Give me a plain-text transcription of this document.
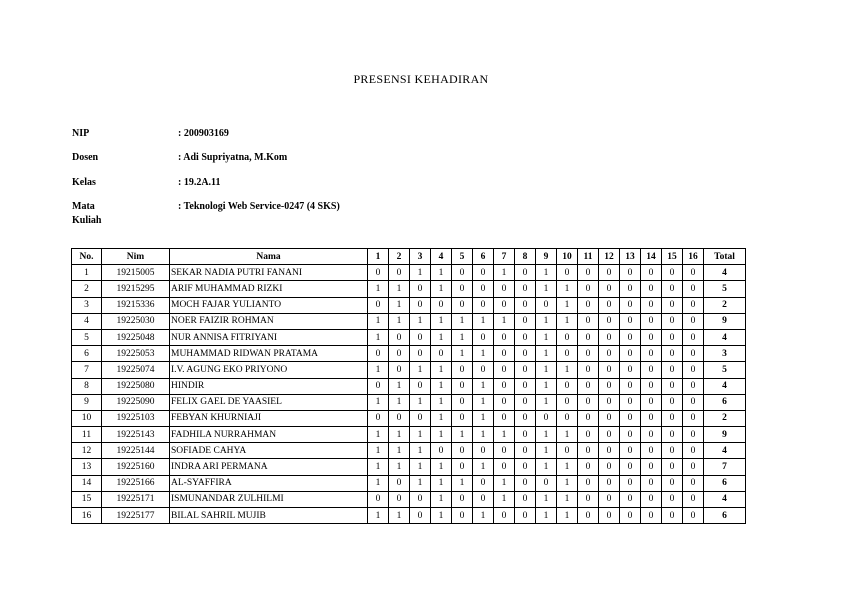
PRESENSI KEHADIRAN
NIP	: 200903169
Dosen	: Adi Supriyatna, M.Kom
Kelas	: 19.2A.11
Mata Kuliah
: Teknologi Web Service-0247 (4 SKS)
No.	Nim	Nama	1	2	3	4	5	6	7	8	9	10	11	12	13	14	15	16	Total
1	19215005	SEKAR NADIA PUTRI FANANI	0	0	1	1	0	0	1	0	1	0	0	0	0	0	0	0	4
2	19215295	ARIF MUHAMMAD RIZKI	1	1	0	1	0	0	0	0	1	1	0	0	0	0	0	0	5
3	19215336	MOCH FAJAR YULIANTO	0	1	0	0	0	0	0	0	0	1	0	0	0	0	0	0	2
4	19225030	NOER FAIZIR ROHMAN	1	1	1	1	1	1	1	0	1	1	0	0	0	0	0	0	9
5	19225048	NUR ANNISA FITRIYANI	1	0	0	1	1	0	0	0	1	0	0	0	0	0	0	0	4
6	19225053	MUHAMMAD RIDWAN PRATAMA	0	0	0	0	1	1	0	0	1	0	0	0	0	0	0	0	3
7	19225074	I.V. AGUNG EKO PRIYONO	1	0	1	1	0	0	0	0	1	1	0	0	0	0	0	0	5
8	19225080	HINDIR	0	1	0	1	0	1	0	0	1	0	0	0	0	0	0	0	4
9	19225090	FELIX GAEL DE YAASIEL	1	1	1	1	0	1	0	0	1	0	0	0	0	0	0	0	6
10	19225103	FEBYAN KHURNIAJI	0	0	0	1	0	1	0	0	0	0	0	0	0	0	0	0	2
11	19225143	FADHILA NURRAHMAN	1	1	1	1	1	1	1	0	1	1	0	0	0	0	0	0	9
12	19225144	SOFIADE CAHYA	1	1	1	0	0	0	0	0	1	0	0	0	0	0	0	0	4
13	19225160	INDRA ARI PERMANA	1	1	1	1	0	1	0	0	1	1	0	0	0	0	0	0	7
14	19225166	AL-SYAFFIRA	1	0	1	1	1	0	1	0	0	1	0	0	0	0	0	0	6
15	19225171	ISMUNANDAR ZULHILMI	0	0	0	1	0	0	1	0	1	1	0	0	0	0	0	0	4
16	19225177	BILAL SAHRIL MUJIB	1	1	0	1	0	1	0	0	1	1	0	0	0	0	0	0	6
